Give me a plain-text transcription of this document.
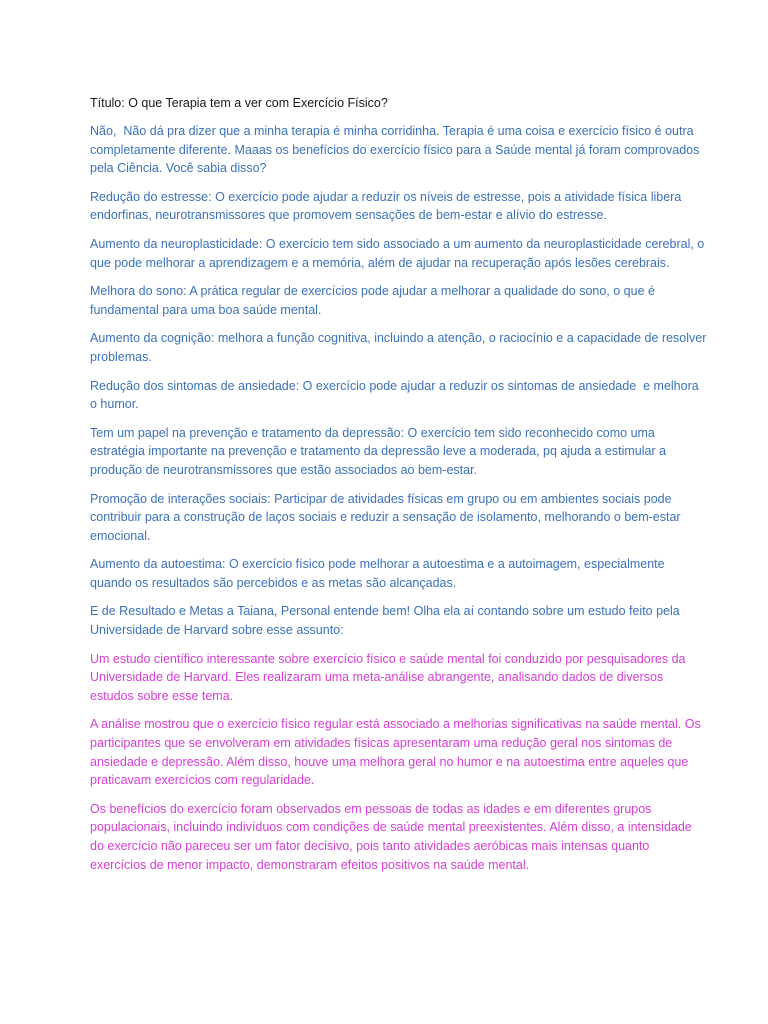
Título: O que Terapia tem a ver com Exercício Físico?

Não,  Não dá pra dizer que a minha terapia é minha corridinha. Terapia é uma coisa e exercício físico é outra completamente diferente. Maaas os benefícios do exercício físico para a Saúde mental já foram comprovados pela Ciência. Você sabia disso?

Redução do estresse: O exercício pode ajudar a reduzir os níveis de estresse, pois a atividade física libera endorfinas, neurotransmissores que promovem sensações de bem-estar e alívio do estresse.

Aumento da neuroplasticidade: O exercício tem sido associado a um aumento da neuroplasticidade cerebral, o que pode melhorar a aprendizagem e a memória, além de ajudar na recuperação após lesões cerebrais.

Melhora do sono: A prática regular de exercícios pode ajudar a melhorar a qualidade do sono, o que é fundamental para uma boa saúde mental.

Aumento da cognição: melhora a função cognitiva, incluindo a atenção, o raciocínio e a capacidade de resolver problemas.

Redução dos sintomas de ansiedade: O exercício pode ajudar a reduzir os sintomas de ansiedade  e melhora o humor.

Tem um papel na prevenção e tratamento da depressão: O exercício tem sido reconhecido como uma estratégia importante na prevenção e tratamento da depressão leve a moderada, pq ajuda a estimular a produção de neurotransmissores que estão associados ao bem-estar.

Promoção de interações sociais: Participar de atividades físicas em grupo ou em ambientes sociais pode contribuir para a construção de laços sociais e reduzir a sensação de isolamento, melhorando o bem-estar emocional.

Aumento da autoestima: O exercício físico pode melhorar a autoestima e a autoimagem, especialmente quando os resultados são percebidos e as metas são alcançadas.

E de Resultado e Metas a Taiana, Personal entende bem! Olha ela aí contando sobre um estudo feito pela Universidade de Harvard sobre esse assunto:

Um estudo científico interessante sobre exercício físico e saúde mental foi conduzido por pesquisadores da Universidade de Harvard. Eles realizaram uma meta-análise abrangente, analisando dados de diversos estudos sobre esse tema.

A análise mostrou que o exercício físico regular está associado a melhorias significativas na saúde mental. Os participantes que se envolveram em atividades físicas apresentaram uma redução geral nos sintomas de ansiedade e depressão. Além disso, houve uma melhora geral no humor e na autoestima entre aqueles que praticavam exercícios com regularidade.

Os benefícios do exercício foram observados em pessoas de todas as idades e em diferentes grupos populacionais, incluindo indivíduos com condições de saúde mental preexistentes. Além disso, a intensidade do exercício não pareceu ser um fator decisivo, pois tanto atividades aeróbicas mais intensas quanto exercícios de menor impacto, demonstraram efeitos positivos na saúde mental.
